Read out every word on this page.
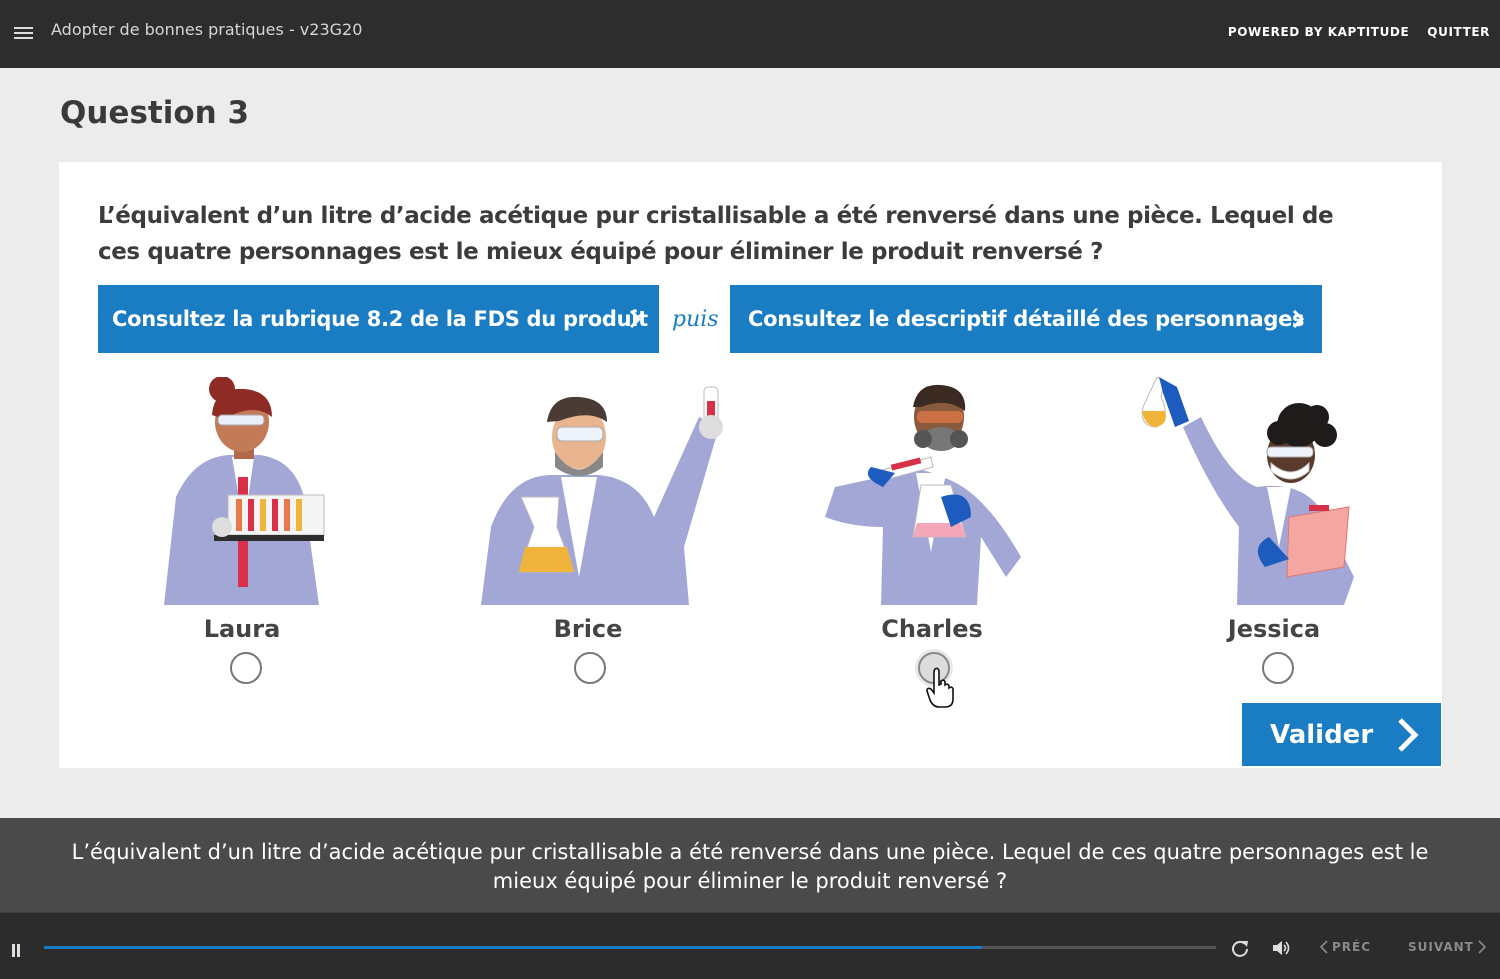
Adopter de bonnes pratiques - v23G20	POWERED BY KAPTITUDE QUITTER
Question 3
L’équivalent d’un litre d’acide acétique pur cristallisable a été renversé dans une pièce. Lequel de ces quatre personnages est le mieux équipé pour éliminer le produit renversé ?
Consultez la rubrique 8.2 de la FDS du produit puis Consultez le descriptif détaillé des personnages
Laura	Brice	Charles	Jessica
Valider
L’équivalent d’un litre d’acide acétique pur cristallisable a été renversé dans une pièce. Lequel de ces quatre personnages est le mieux équipé pour éliminer le produit renversé ?
PRÉC	SUIVANT
